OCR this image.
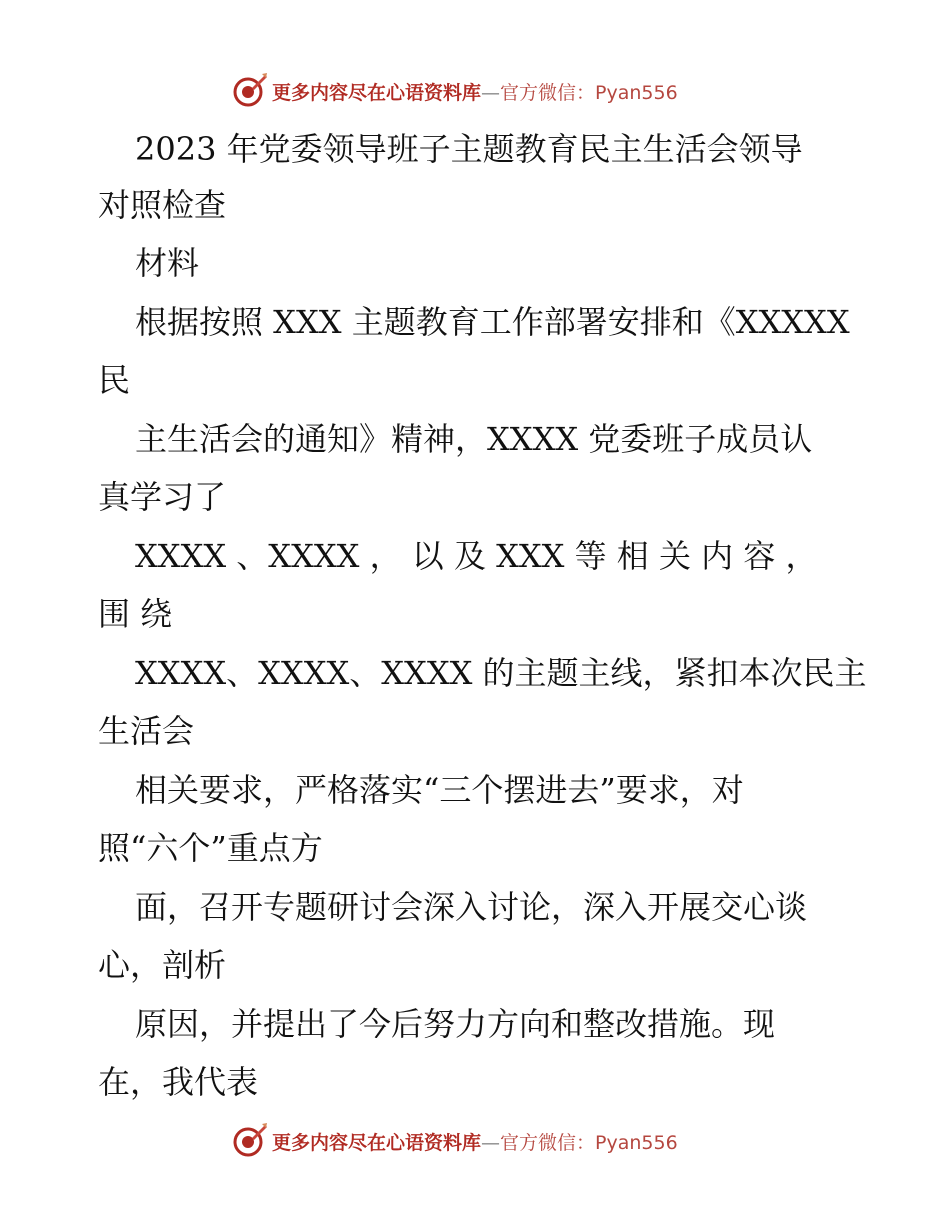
更多内容尽在心语资料库—官方微信：Pyan556
2023 年党委领导班子主题教育民主生活会领导
对照检查
材料
根据按照 XXX 主题教育工作部署安排和《XXXXX
民
主生活会的通知》精神，XXXX 党委班子成员认
真学习了
XXXX 、XXXX ， 以 及 XXX 等 相 关 内 容 ，
围 绕
XXXX、XXXX、XXXX 的主题主线，紧扣本次民主
生活会
相关要求，严格落实“三个摆进去”要求，对
照“六个”重点方
面，召开专题研讨会深入讨论，深入开展交心谈
心，剖析
原因，并提出了今后努力方向和整改措施。现
在，我代表
更多内容尽在心语资料库—官方微信：Pyan556
